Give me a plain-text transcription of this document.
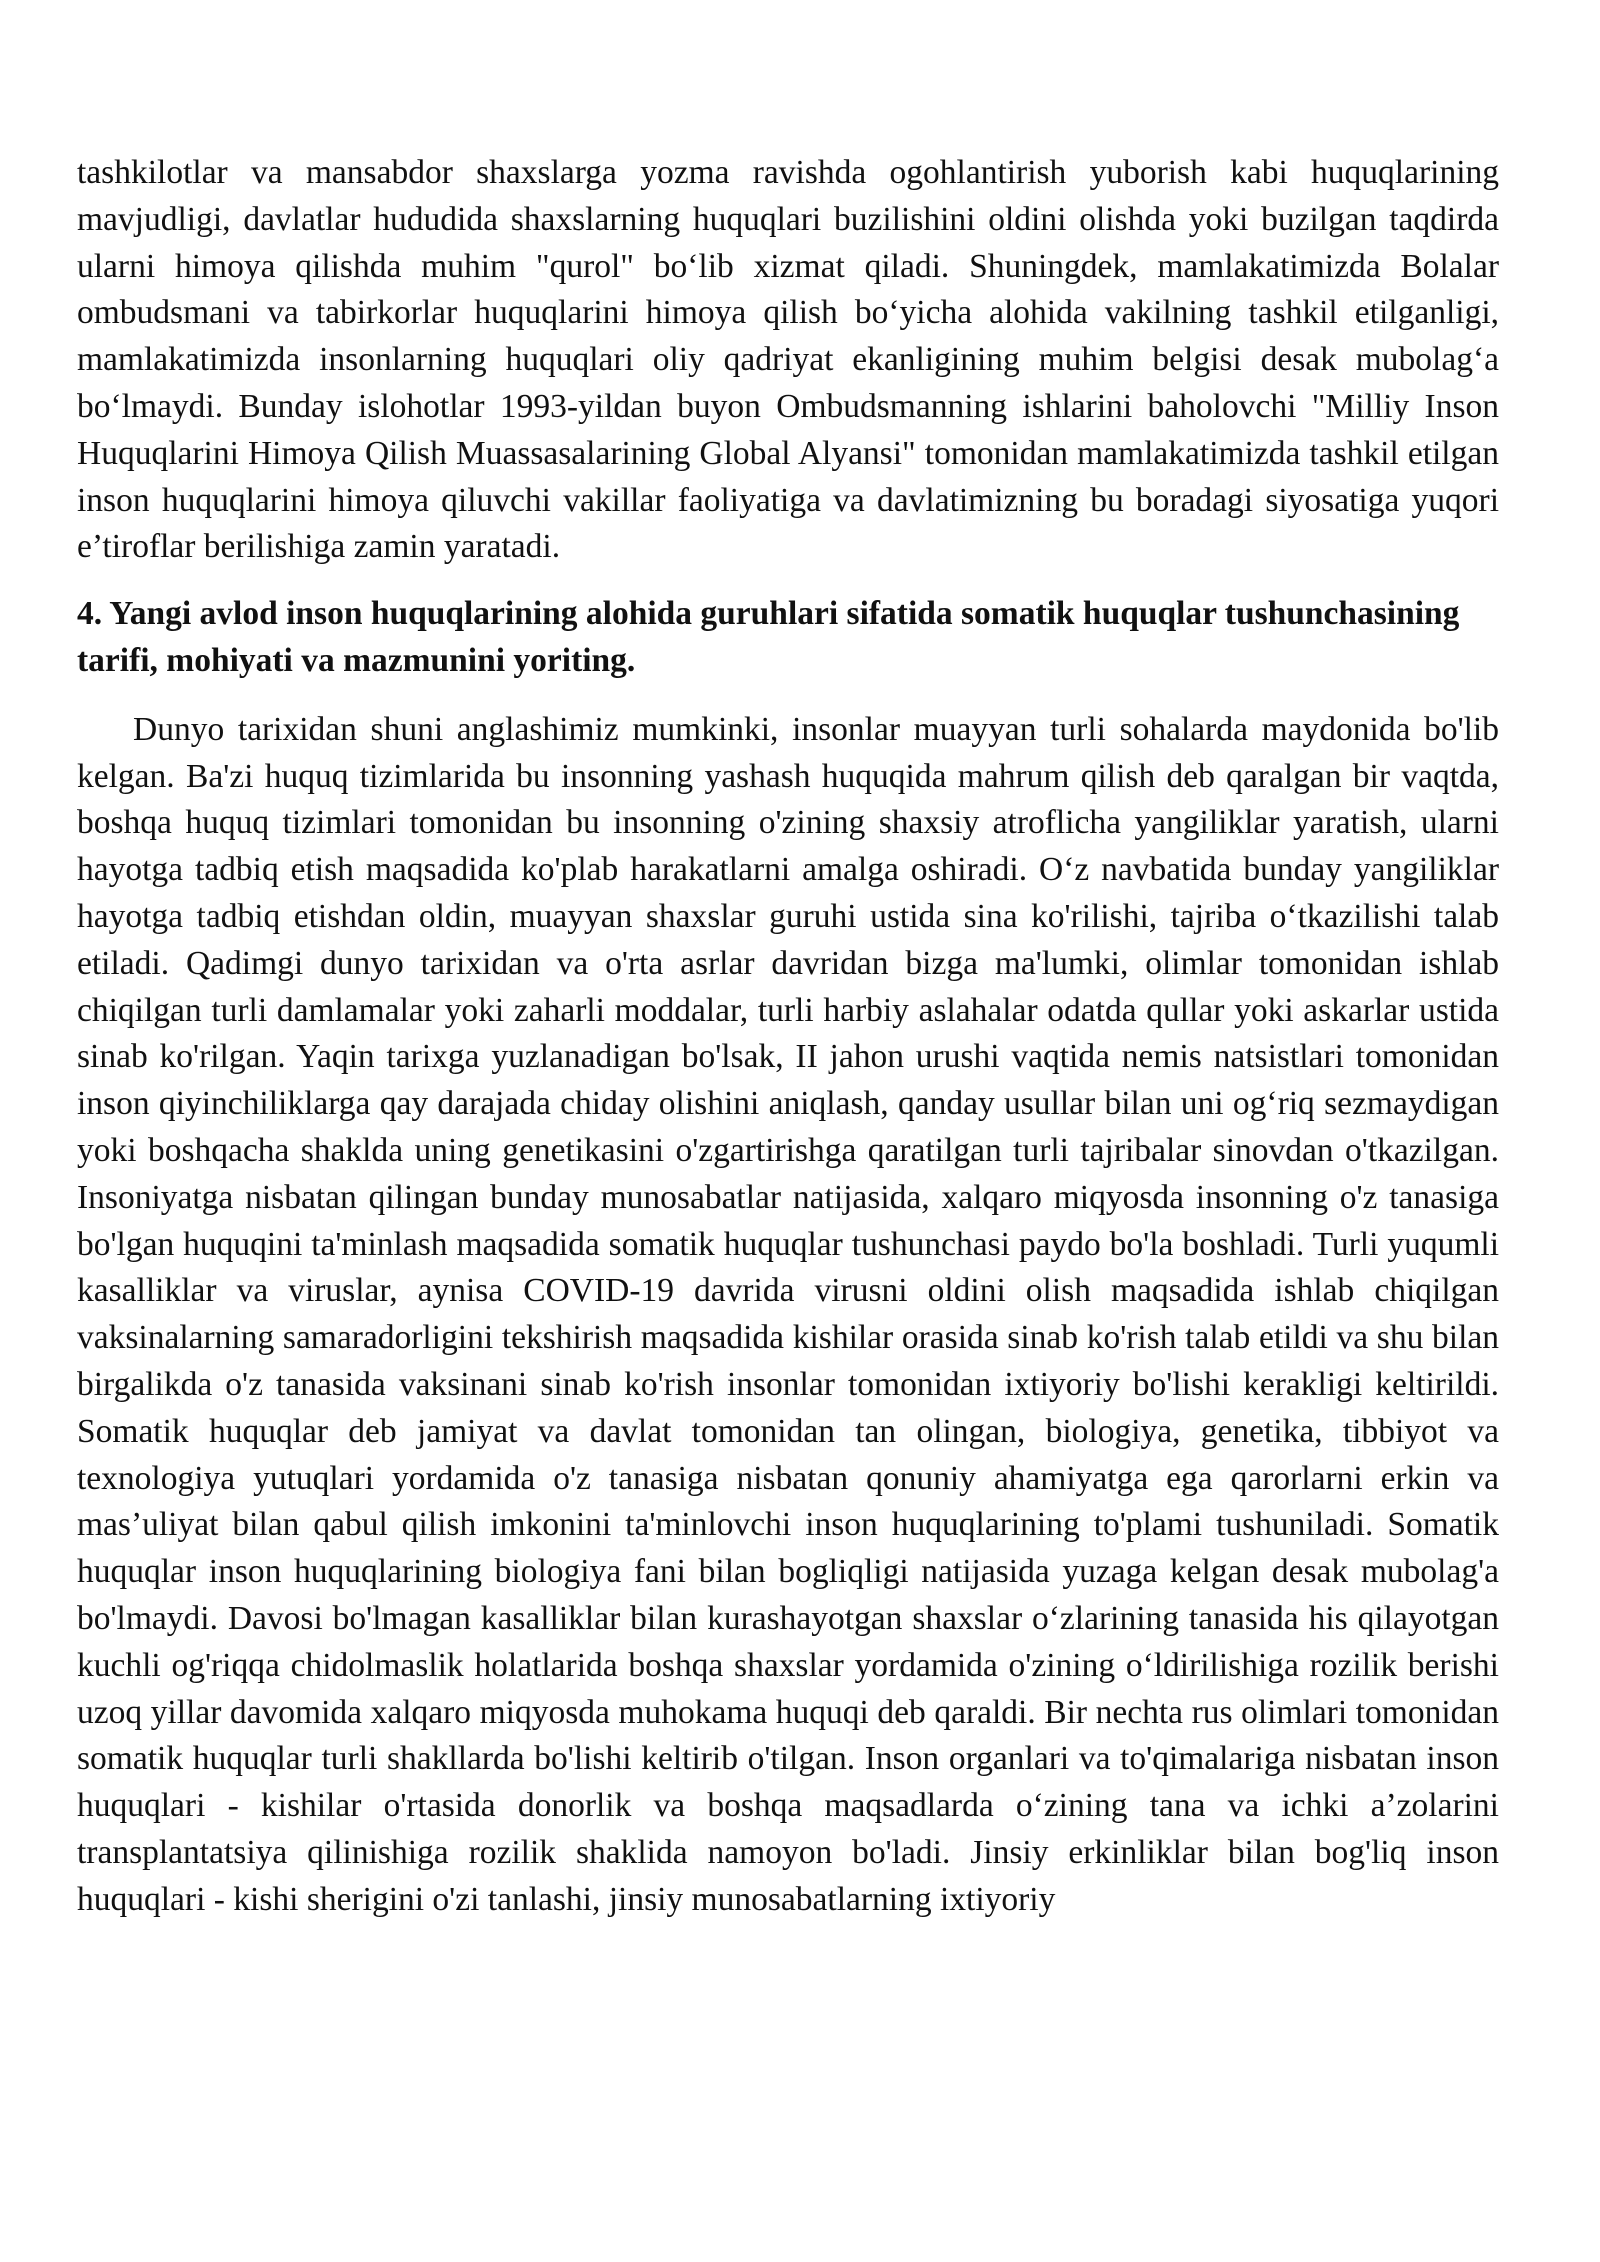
tashkilotlar va mansabdor shaxslarga yozma ravishda ogohlantirish yuborish kabi huquqlarining mavjudligi, davlatlar hududida shaxslarning huquqlari buzilishini oldini olishda yoki buzilgan taqdirda ularni himoya qilishda muhim "qurol" bo‘lib xizmat qiladi. Shuningdek, mamlakatimizda Bolalar ombudsmani va tabirkorlar huquqlarini himoya qilish bo‘yicha alohida vakilning tashkil etilganligi, mamlakatimizda insonlarning huquqlari oliy qadriyat ekanligining muhim belgisi desak mubolag‘a bo‘lmaydi. Bunday islohotlar 1993-yildan buyon Ombudsmanning ishlarini baholovchi "Milliy Inson Huquqlarini Himoya Qilish Muassasalarining Global Alyansi" tomonidan mamlakatimizda tashkil etilgan inson huquqlarini himoya qiluvchi vakillar faoliyatiga va davlatimizning bu boradagi siyosatiga yuqori e’tiroflar berilishiga zamin yaratadi.

4. Yangi avlod inson huquqlarining alohida guruhlari sifatida somatik huquqlar tushunchasining tarifi, mohiyati va mazmunini yoriting.

Dunyo tarixidan shuni anglashimiz mumkinki, insonlar muayyan turli sohalarda maydonida bo'lib kelgan. Ba'zi huquq tizimlarida bu insonning yashash huquqida mahrum qilish deb qaralgan bir vaqtda, boshqa huquq tizimlari tomonidan bu insonning o'zining shaxsiy atroflicha yangiliklar yaratish, ularni hayotga tadbiq etish maqsadida ko'plab harakatlarni amalga oshiradi. O‘z navbatida bunday yangiliklar hayotga tadbiq etishdan oldin, muayyan shaxslar guruhi ustida sina ko'rilishi, tajriba o‘tkazilishi talab etiladi. Qadimgi dunyo tarixidan va o'rta asrlar davridan bizga ma'lumki, olimlar tomonidan ishlab chiqilgan turli damlamalar yoki zaharli moddalar, turli harbiy aslahalar odatda qullar yoki askarlar ustida sinab ko'rilgan. Yaqin tarixga yuzlanadigan bo'lsak, II jahon urushi vaqtida nemis natsistlari tomonidan inson qiyinchiliklarga qay darajada chiday olishini aniqlash, qanday usullar bilan uni og‘riq sezmaydigan yoki boshqacha shaklda uning genetikasini o'zgartirishga qaratilgan turli tajribalar sinovdan o'tkazilgan. Insoniyatga nisbatan qilingan bunday munosabatlar natijasida, xalqaro miqyosda insonning o'z tanasiga bo'lgan huquqini ta'minlash maqsadida somatik huquqlar tushunchasi paydo bo'la boshladi. Turli yuqumli kasalliklar va viruslar, aynisa COVID-19 davrida virusni oldini olish maqsadida ishlab chiqilgan vaksinalarning samaradorligini tekshirish maqsadida kishilar orasida sinab ko'rish talab etildi va shu bilan birgalikda o'z tanasida vaksinani sinab ko'rish insonlar tomonidan ixtiyoriy bo'lishi kerakligi keltirildi. Somatik huquqlar deb jamiyat va davlat tomonidan tan olingan, biologiya, genetika, tibbiyot va texnologiya yutuqlari yordamida o'z tanasiga nisbatan qonuniy ahamiyatga ega qarorlarni erkin va mas’uliyat bilan qabul qilish imkonini ta'minlovchi inson huquqlarining to'plami tushuniladi. Somatik huquqlar inson huquqlarining biologiya fani bilan bogliqligi natijasida yuzaga kelgan desak mubolag'a bo'lmaydi. Davosi bo'lmagan kasalliklar bilan kurashayotgan shaxslar o‘zlarining tanasida his qilayotgan kuchli og'riqqa chidolmaslik holatlarida boshqa shaxslar yordamida o'zining o‘ldirilishiga rozilik berishi uzoq yillar davomida xalqaro miqyosda muhokama huquqi deb qaraldi. Bir nechta rus olimlari tomonidan somatik huquqlar turli shakllarda bo'lishi keltirib o'tilgan. Inson organlari va to'qimalariga nisbatan inson huquqlari - kishilar o'rtasida donorlik va boshqa maqsadlarda o‘zining tana va ichki a’zolarini transplantatsiya qilinishiga rozilik shaklida namoyon bo'ladi. Jinsiy erkinliklar bilan bog'liq inson huquqlari - kishi sherigini o'zi tanlashi, jinsiy munosabatlarning ixtiyoriy
